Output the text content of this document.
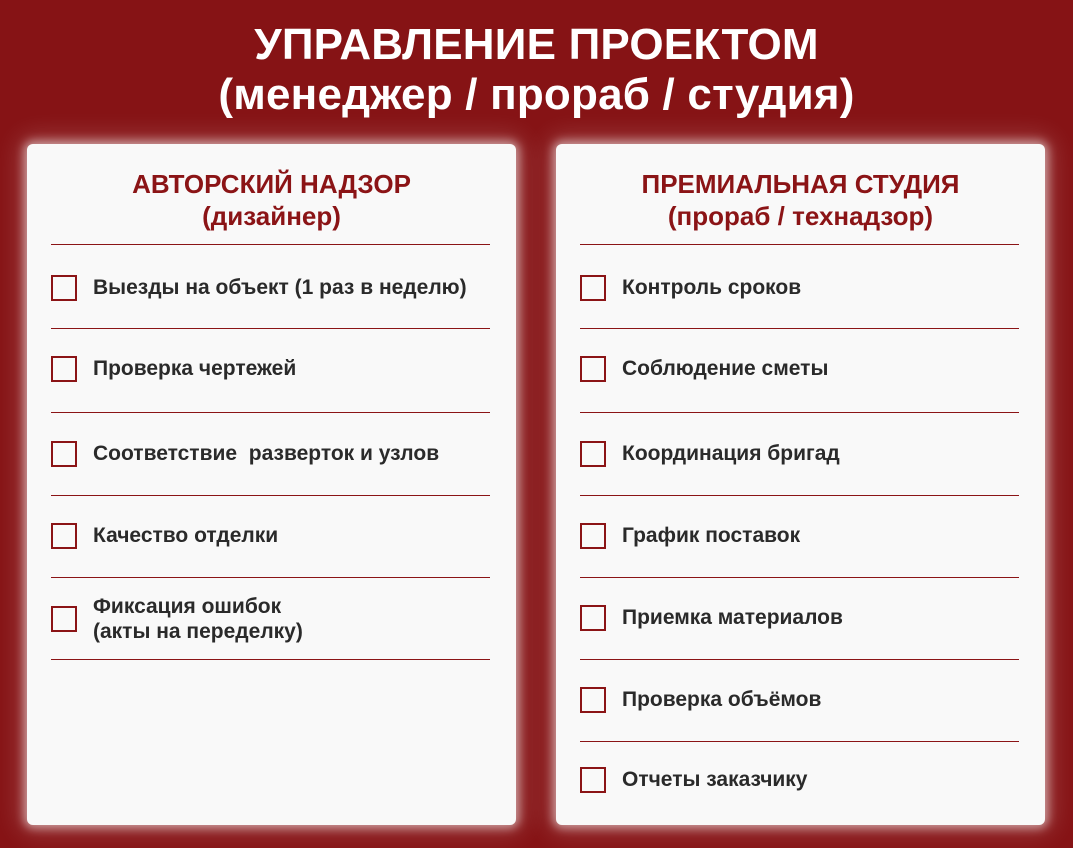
УПРАВЛЕНИЕ ПРОЕКТОМ
(менеджер / прораб / студия)
АВТОРСКИЙ НАДЗОР
(дизайнер)
Выезды на объект (1 раз в неделю)
Проверка чертежей
Соответствие  разверток и узлов
Качество отделки
Фиксация ошибок
(акты на переделку)
ПРЕМИАЛЬНАЯ СТУДИЯ
(прораб / технадзор)
Контроль сроков
Соблюдение сметы
Координация бригад
График поставок
Приемка материалов
Проверка объёмов
Отчеты заказчику
